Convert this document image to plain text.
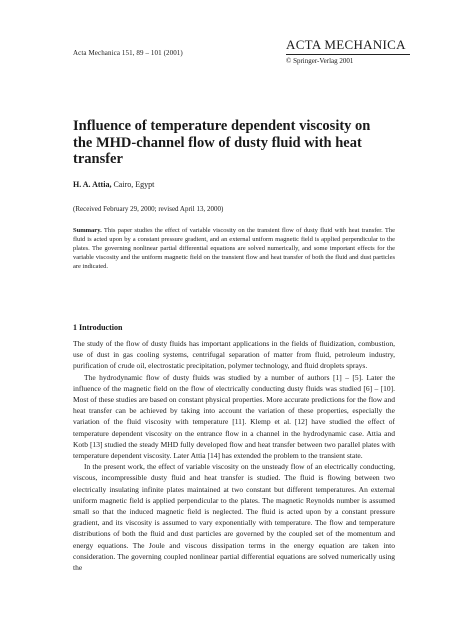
Acta Mechanica 151, 89 – 101 (2001)
ACTA MECHANICA
© Springer-Verlag 2001
Influence of temperature dependent viscosity on the MHD-channel flow of dusty fluid with heat transfer
H. A. Attia, Cairo, Egypt
(Received February 29, 2000; revised April 13, 2000)
Summary. This paper studies the effect of variable viscosity on the transient flow of dusty fluid with heat transfer. The fluid is acted upon by a constant pressure gradient, and an external uniform magnetic field is applied perpendicular to the plates. The governing nonlinear partial differential equations are solved numerically, and some important effects for the variable viscosity and the uniform magnetic field on the transient flow and heat transfer of both the fluid and dust particles are indicated.
1 Introduction

The study of the flow of dusty fluids has important applications in the fields of fluidization, combustion, use of dust in gas cooling systems, centrifugal separation of matter from fluid, petroleum industry, purification of crude oil, electrostatic precipitation, polymer technology, and fluid droplets sprays.

The hydrodynamic flow of dusty fluids was studied by a number of authors [1] – [5]. Later the influence of the magnetic field on the flow of electrically conducting dusty fluids was studied [6] – [10]. Most of these studies are based on constant physical properties. More accurate predictions for the flow and heat transfer can be achieved by taking into account the variation of these properties, especially the variation of the fluid viscosity with temperature [11]. Klemp et al. [12] have studied the effect of temperature dependent viscosity on the entrance flow in a channel in the hydrodynamic case. Attia and Kotb [13] studied the steady MHD fully developed flow and heat transfer between two parallel plates with temperature dependent viscosity. Later Attia [14] has extended the problem to the transient state.

In the present work, the effect of variable viscosity on the unsteady flow of an electrically conducting, viscous, incompressible dusty fluid and heat transfer is studied. The fluid is flowing between two electrically insulating infinite plates maintained at two constant but different temperatures. An external uniform magnetic field is applied perpendicular to the plates. The magnetic Reynolds number is assumed small so that the induced magnetic field is neglected. The fluid is acted upon by a constant pressure gradient, and its viscosity is assumed to vary exponentially with temperature. The flow and temperature distributions of both the fluid and dust particles are governed by the coupled set of the momentum and energy equations. The Joule and viscous dissipation terms in the energy equation are taken into consideration. The governing coupled nonlinear partial differential equations are solved numerically using the
